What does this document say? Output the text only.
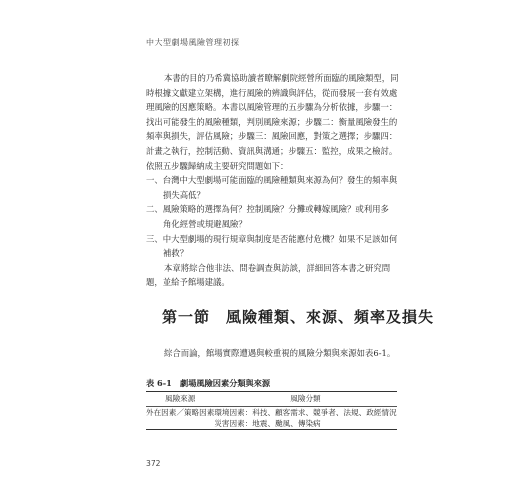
中大型劇場風險管理初探

本書的目的乃希冀協助讀者瞭解劇院經營所面臨的風險類型，同

時根據文獻建立架構，進行風險的辨識與評估，從而發展一套有效處

理風險的因應策略。本書以風險管理的五步驟為分析依據，步驟一：

找出可能發生的風險種類，判別風險來源；步驟二：衡量風險發生的

頻率與損失，評估風險；步驟三：風險回應，對策之選擇；步驟四：

計畫之執行，控制活動、資訊與溝通；步驟五：監控，成果之檢討。

依照五步驟歸納成主要研究問題如下：

一、台灣中大型劇場可能面臨的風險種類與來源為何？發生的頻率與

損失高低？

二、風險策略的選擇為何？控制風險？分攤或轉嫁風險？或利用多

角化經營或規避風險？

三、中大型劇場的現行規章與制度是否能應付危機？如果不足該如何

補救？

本章將綜合他非法、問卷調查與訪談，詳細回答本書之研究問

題，並給予館場建議。

第一節　風險種類、來源、頻率及損失
綜合而論，館場實際遭遇與較重視的風險分類與來源如表6-1。
表 6-1　劇場風險因素分類與來源
風險來源	風險分類
外在因素／策略因素	環境因素：科技、顧客需求、競爭者、法規、政經情況
	災害因素：地震、颱風、傳染病
372
